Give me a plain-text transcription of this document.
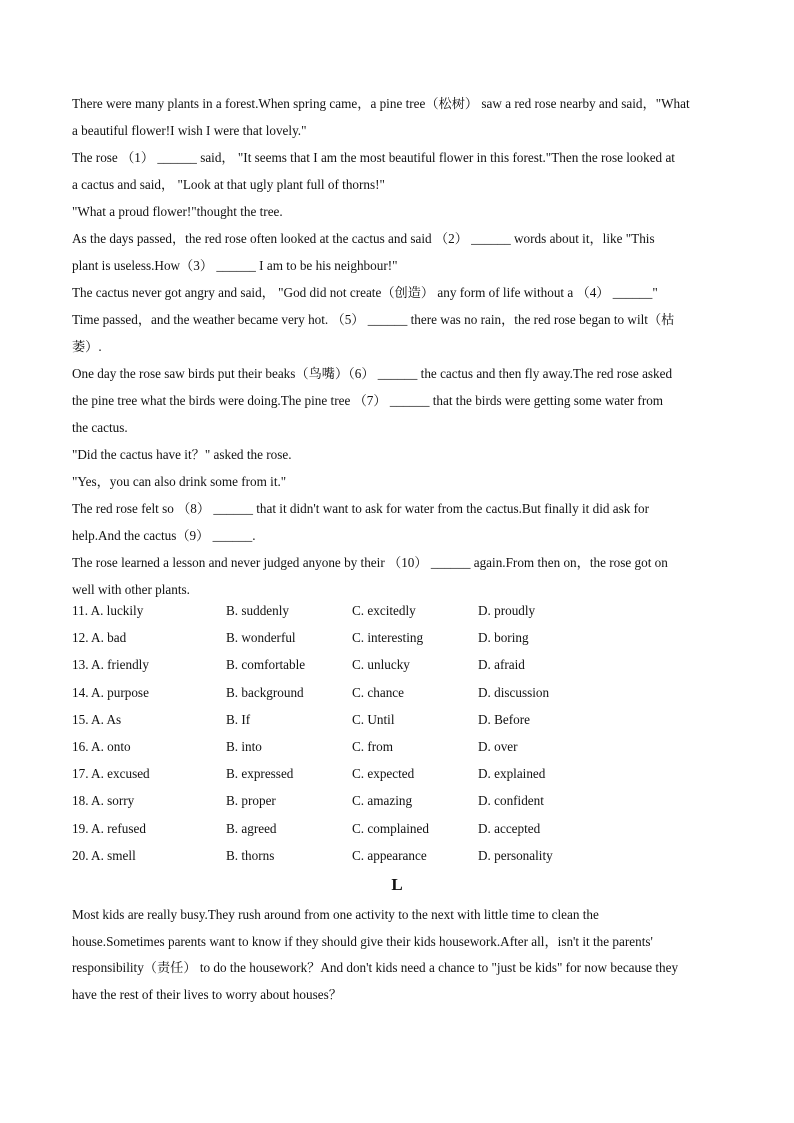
There were many plants in a forest.When spring came，a pine tree（松树） saw a red rose nearby and said，"What
a beautiful flower!I wish I were that lovely."
The rose （1） ______ said， "It seems that I am the most beautiful flower in this forest."Then the rose looked at
a cactus and said， "Look at that ugly plant full of thorns!"
"What a proud flower!"thought the tree.
As the days passed，the red rose often looked at the cactus and said （2） ______ words about it，like "This
plant is useless.How（3） ______ I am to be his neighbour!"
The cactus never got angry and said， "God did not create（创造） any form of life without a （4） ______"
Time passed，and the weather became very hot. （5） ______ there was no rain，the red rose began to wilt（枯
萎）.
One day the rose saw birds put their beaks（鸟嘴）（6） ______ the cactus and then fly away.The red rose asked
the pine tree what the birds were doing.The pine tree （7） ______ that the birds were getting some water from
the cactus.
"Did the cactus have it？" asked the rose.
"Yes，you can also drink some from it."
The red rose felt so （8） ______ that it didn't want to ask for water from the cactus.But finally it did ask for
help.And the cactus（9） ______.
The rose learned a lesson and never judged anyone by their （10） ______ again.From then on，the rose got on
well with other plants.
11. A. luckily	B. suddenly	C. excitedly	D. proudly
12. A. bad	B. wonderful	C. interesting	D. boring
13. A. friendly	B. comfortable	C. unlucky	D. afraid
14. A. purpose	B. background	C. chance	D. discussion
15. A. As	B. If	C. Until	D. Before
16. A. onto	B. into	C. from	D. over
17. A. excused	B. expressed	C. expected	D. explained
18. A. sorry	B. proper	C. amazing	D. confident
19. A. refused	B. agreed	C. complained	D. accepted
20. A. smell	B. thorns	C. appearance	D. personality
L
Most kids are really busy.They rush around from one activity to the next with little time to clean the
house.Sometimes parents want to know if they should give their kids housework.After all，isn't it the parents'
responsibility（责任） to do the housework？And don't kids need a chance to "just be kids" for now because they
have the rest of their lives to worry about houses？
